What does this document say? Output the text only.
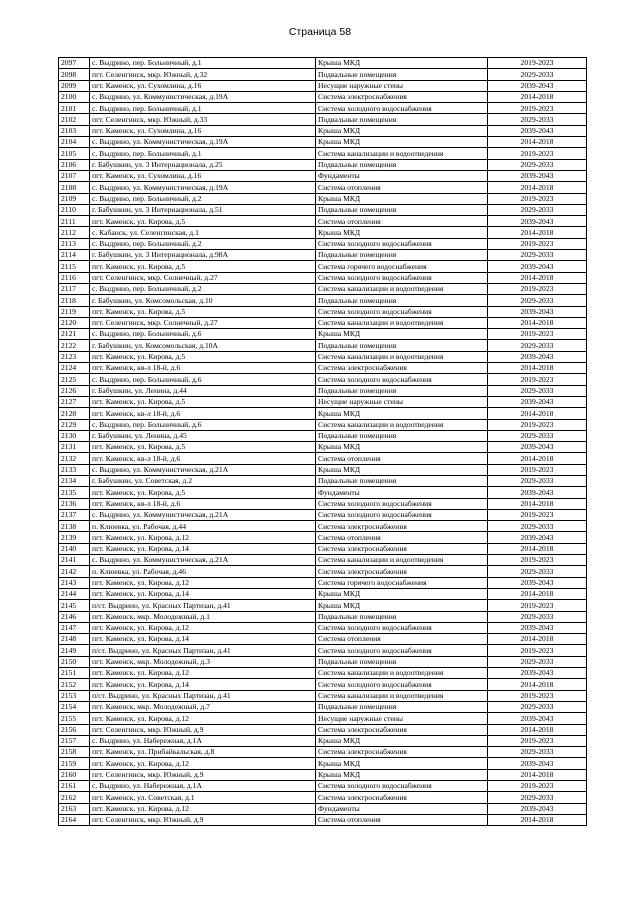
Страница 58
2097	с. Выдрино, пер. Больничный, д.1	Крыша МКД	2019-2023
2098	пгт. Селенгинск, мкр. Южный, д.32	Подвальные помещения	2029-2033
2099	пгт. Каменск, ул. Сухомлина, д.16	Несущие наружные стены	2039-2043
2100	с. Выдрино, ул. Коммунистическая, д.19А	Система электроснабжения	2014-2018
2101	с. Выдрино, пер. Больничный, д.1	Система холодного водоснабжения	2019-2023
2102	пгт. Селенгинск, мкр. Южный, д.33	Подвальные помещения	2029-2033
2103	пгт. Каменск, ул. Сухомлина, д.16	Крыша МКД	2039-2043
2104	с. Выдрино, ул. Коммунистическая, д.19А	Крыша МКД	2014-2018
2105	с. Выдрино, пер. Больничный, д.1	Система канализации и водоотведения	2019-2023
2106	г. Бабушкин, ул. 3 Интернационала, д.25	Подвальные помещения	2029-2033
2107	пгт. Каменск, ул. Сухомлина, д.16	Фундаменты	2039-2043
2108	с. Выдрино, ул. Коммунистическая, д.19А	Система отопления	2014-2018
2109	с. Выдрино, пер. Больничный, д.2	Крыша МКД	2019-2023
2110	г. Бабушкин, ул. 3 Интернационала, д.51	Подвальные помещения	2029-2033
2111	пгт. Каменск, ул. Кирова, д.5	Система отопления	2039-2043
2112	с. Кабанск, ул. Селенгинская, д.1	Крыша МКД	2014-2018
2113	с. Выдрино, пер. Больничный, д.2	Система холодного водоснабжения	2019-2023
2114	г. Бабушкин, ул. 3 Интернационала, д.98А	Подвальные помещения	2029-2033
2115	пгт. Каменск, ул. Кирова, д.5	Система горячего водоснабжения	2039-2043
2116	пгт. Селенгинск, мкр. Солнечный, д.27	Система холодного водоснабжения	2014-2018
2117	с. Выдрино, пер. Больничный, д.2	Система канализации и водоотведения	2019-2023
2118	г. Бабушкин, ул. Комсомольская, д.10	Подвальные помещения	2029-2033
2119	пгт. Каменск, ул. Кирова, д.5	Система холодного водоснабжения	2039-2043
2120	пгт. Селенгинск, мкр. Солнечный, д.27	Система канализации и водоотведения	2014-2018
2121	с. Выдрино, пер. Больничный, д.6	Крыша МКД	2019-2023
2122	г. Бабушкин, ул. Комсомольская, д.10А	Подвальные помещения	2029-2033
2123	пгт. Каменск, ул. Кирова, д.5	Система канализации и водоотведения	2039-2043
2124	пгт. Каменск, кв-л 18-й, д.6	Система электроснабжения	2014-2018
2125	с. Выдрино, пер. Больничный, д.6	Система холодного водоснабжения	2019-2023
2126	г. Бабушкин, ул. Ленина, д.44	Подвальные помещения	2029-2033
2127	пгт. Каменск, ул. Кирова, д.5	Несущие наружные стены	2039-2043
2128	пгт. Каменск, кв-л 18-й, д.6	Крыша МКД	2014-2018
2129	с. Выдрино, пер. Больничный, д.6	Система канализации и водоотведения	2019-2023
2130	г. Бабушкин, ул. Ленина, д.45	Подвальные помещения	2029-2033
2131	пгт. Каменск, ул. Кирова, д.5	Крыша МКД	2039-2043
2132	пгт. Каменск, кв-л 18-й, д.6	Система отопления	2014-2018
2133	с. Выдрино, ул. Коммунистическая, д.21А	Крыша МКД	2019-2023
2134	г. Бабушкин, ул. Советская, д.2	Подвальные помещения	2029-2033
2135	пгт. Каменск, ул. Кирова, д.5	Фундаменты	2039-2043
2136	пгт. Каменск, кв-л 18-й, д.6	Система холодного водоснабжения	2014-2018
2137	с. Выдрино, ул. Коммунистическая, д.21А	Система холодного водоснабжения	2019-2023
2138	п. Клюевка, ул. Рабочая, д.44	Система электроснабжения	2029-2033
2139	пгт. Каменск, ул. Кирова, д.12	Система отопления	2039-2043
2140	пгт. Каменск, ул. Кирова, д.14	Система электроснабжения	2014-2018
2141	с. Выдрино, ул. Коммунистическая, д.21А	Система канализации и водоотведения	2019-2023
2142	п. Клюевка, ул. Рабочая, д.46	Система электроснабжения	2029-2033
2143	пгт. Каменск, ул. Кирова, д.12	Система горячего водоснабжения	2039-2043
2144	пгт. Каменск, ул. Кирова, д.14	Крыша МКД	2014-2018
2145	п/ст. Выдрино, ул. Красных Партизан, д.41	Крыша МКД	2019-2023
2146	пгт. Каменск, мкр. Молодежный, д.1	Подвальные помещения	2029-2033
2147	пгт. Каменск, ул. Кирова, д.12	Система холодного водоснабжения	2039-2043
2148	пгт. Каменск, ул. Кирова, д.14	Система отопления	2014-2018
2149	п/ст. Выдрино, ул. Красных Партизан, д.41	Система холодного водоснабжения	2019-2023
2150	пгт. Каменск, мкр. Молодежный, д.3	Подвальные помещения	2029-2033
2151	пгт. Каменск, ул. Кирова, д.12	Система канализации и водоотведения	2039-2043
2152	пгт. Каменск, ул. Кирова, д.14	Система холодного водоснабжения	2014-2018
2153	п/ст. Выдрино, ул. Красных Партизан, д.41	Система канализации и водоотведения	2019-2023
2154	пгт. Каменск, мкр. Молодежный, д.7	Подвальные помещения	2029-2033
2155	пгт. Каменск, ул. Кирова, д.12	Несущие наружные стены	2039-2043
2156	пгт. Селенгинск, мкр. Южный, д.9	Система электроснабжения	2014-2018
2157	с. Выдрино, ул. Набережная, д.1А	Крыша МКД	2019-2023
2158	пгт. Каменск, ул. Прибайкальская, д.8	Система электроснабжения	2029-2033
2159	пгт. Каменск, ул. Кирова, д.12	Крыша МКД	2039-2043
2160	пгт. Селенгинск, мкр. Южный, д.9	Крыша МКД	2014-2018
2161	с. Выдрино, ул. Набережная, д.1А	Система холодного водоснабжения	2019-2023
2162	пгт. Каменск, ул. Советская, д.1	Система электроснабжения	2029-2033
2163	пгт. Каменск, ул. Кирова, д.12	Фундаменты	2039-2043
2164	пгт. Селенгинск, мкр. Южный, д.9	Система отопления	2014-2018
